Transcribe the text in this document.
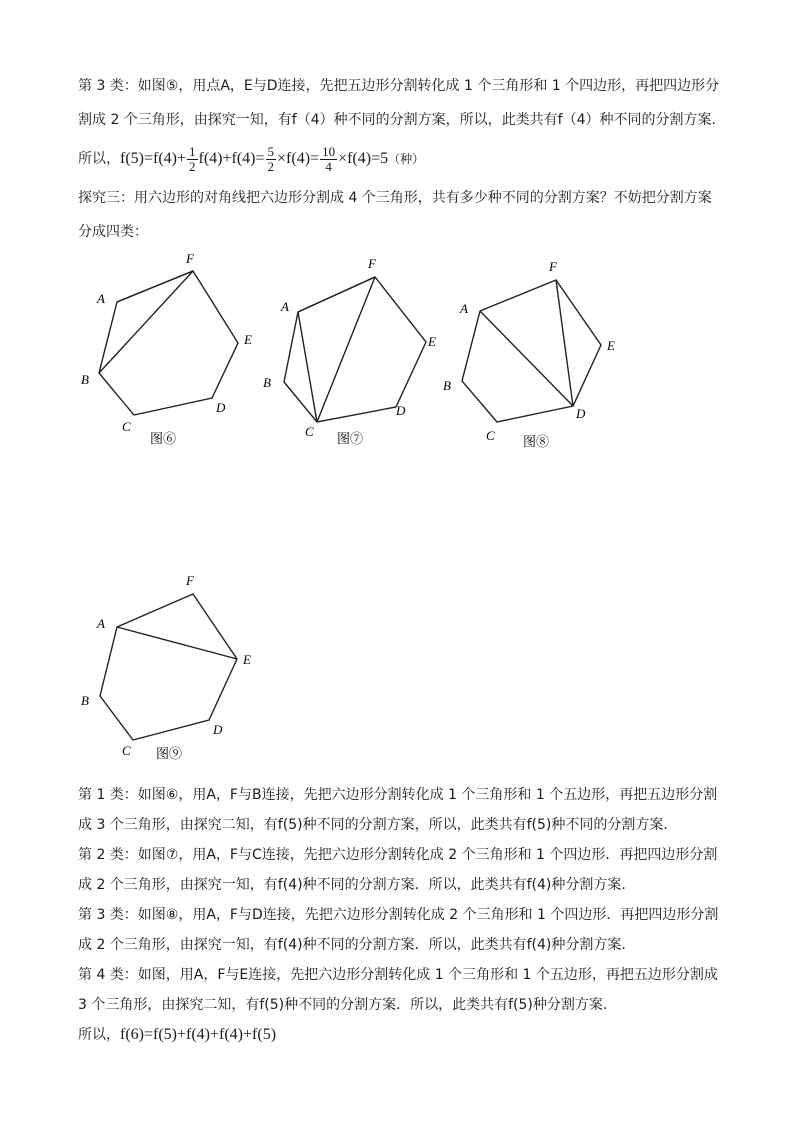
第 3 类：如图⑤，用点A，E与D连接，先把五边形分割转化成 1 个三角形和 1 个四边形，再把四边形分
割成 2 个三角形，由探究一知，有f（4）种不同的分割方案，所以，此类共有f（4）种不同的分割方案.
所以，$f(5)=f(4)+ \frac{1}{2} f(4)+f(4)= \frac{5}{2} \times f(4)= \frac{10}{4} \times f(4)=5$（种）
探究三：用六边形的对角线把六边形分割成 4 个三角形，共有多少种不同的分割方案？不妨把分割方案
分成四类：
F
A
E
B
D
C
图⑥
F
A
E
B
D
C 图⑦
F
A
E
B
D
C 图⑧
F
A
E
B
D
C 图⑨
第 1 类：如图⑥，用A，F与B连接，先把六边形分割转化成 1 个三角形和 1 个五边形，再把五边形分割
成 3 个三角形，由探究二知，有f(5)种不同的分割方案，所以，此类共有f(5)种不同的分割方案.
第 2 类：如图⑦，用A，F与C连接，先把六边形分割转化成 2 个三角形和 1 个四边形．再把四边形分割
成 2 个三角形，由探究一知，有f(4)种不同的分割方案．所以，此类共有f(4)种分割方案.
第 3 类：如图⑧，用A，F与D连接，先把六边形分割转化成 2 个三角形和 1 个四边形．再把四边形分割
成 2 个三角形，由探究一知，有f(4)种不同的分割方案．所以，此类共有f(4)种分割方案.
第 4 类：如图，用A，F与E连接，先把六边形分割转化成 1 个三角形和 1 个五边形，再把五边形分割成
3 个三角形，由探究二知，有f(5)种不同的分割方案．所以，此类共有f(5)种分割方案.
所以，f(6)=f(5)+f(4)+f(4)+f(5)
